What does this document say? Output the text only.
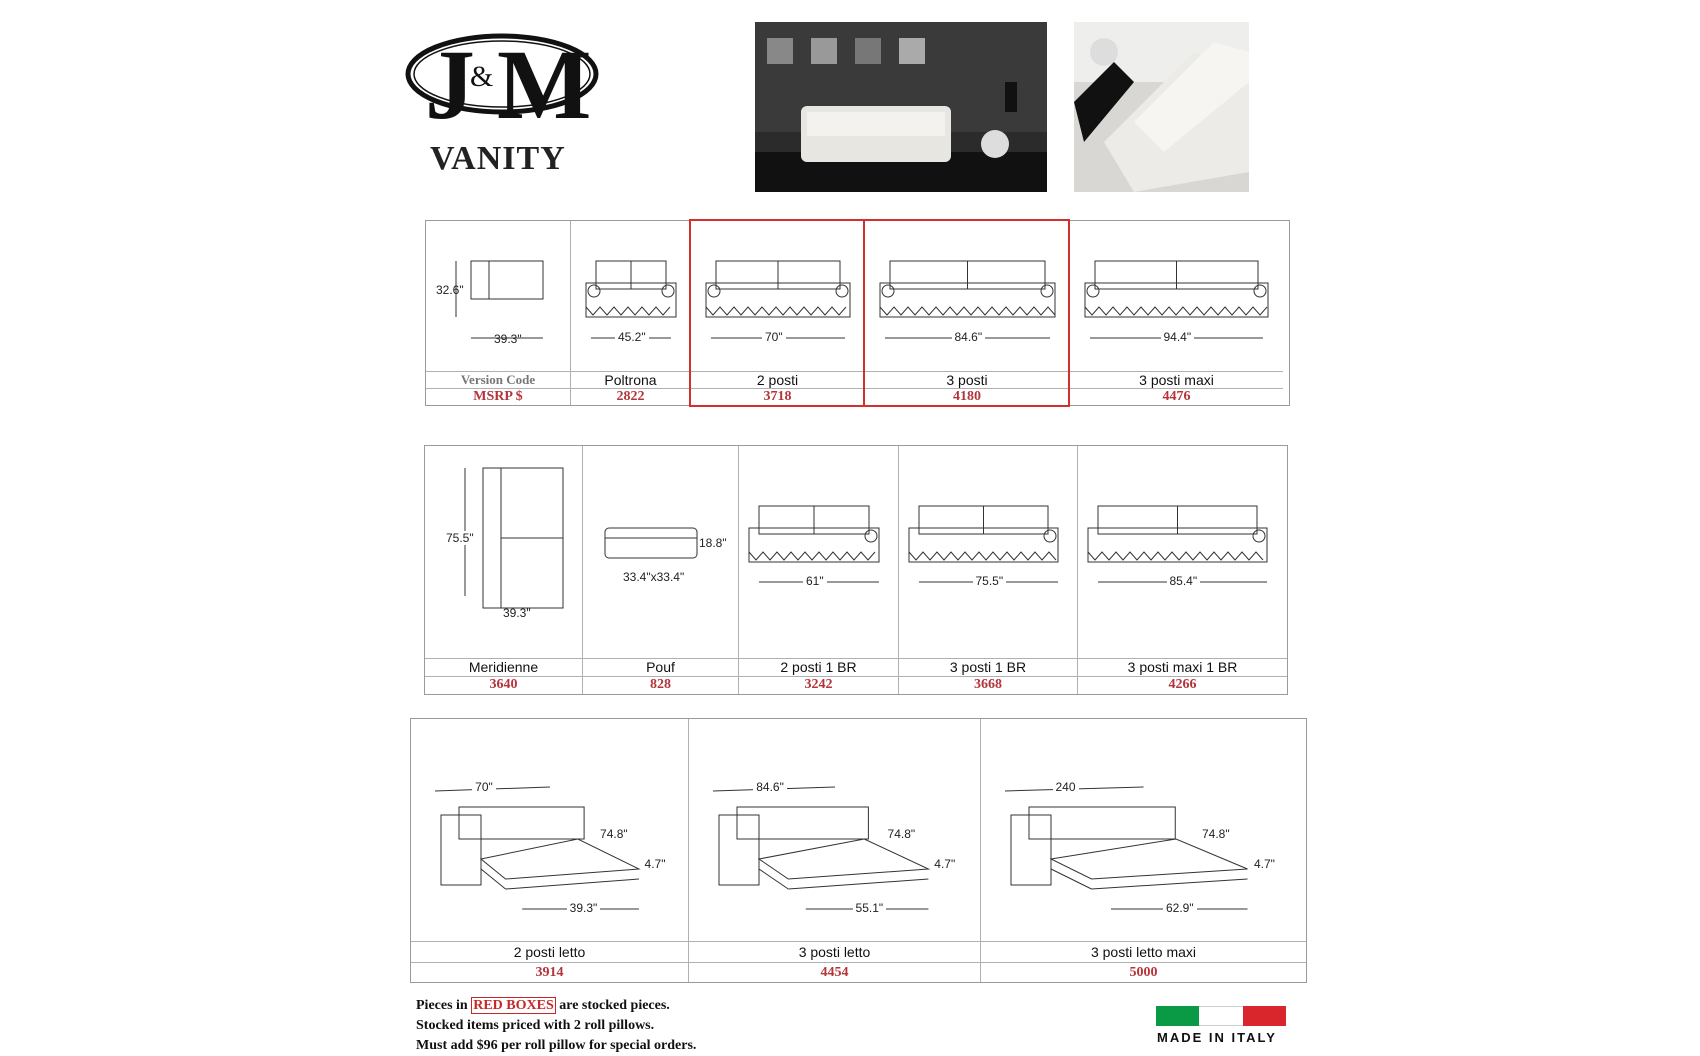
J
& M
VANITY
32.6"
39.3"
Version Code
MSRP $
45.2"
Poltrona
2822
70"
2 posti
3718
84.6"
3 posti
4180
94.4"
3 posti maxi
4476
75.5"
39.3"
Meridienne
3640
18.8"
33.4"x33.4"
Pouf
828
61"
2 posti 1 BR
3242
75.5"
3 posti 1 BR
3668
85.4"
3 posti maxi 1 BR
4266
70"
74.8"
4.7"
39.3"
2 posti letto
3914
84.6"
74.8"
4.7"
55.1"
3 posti letto
4454
240
74.8"
4.7"
62.9"
3 posti letto maxi
5000
Pieces in RED BOXES are stocked pieces.
Stocked items priced with 2 roll pillows.
Must add $96 per roll pillow for special orders.
MADE IN ITALY
